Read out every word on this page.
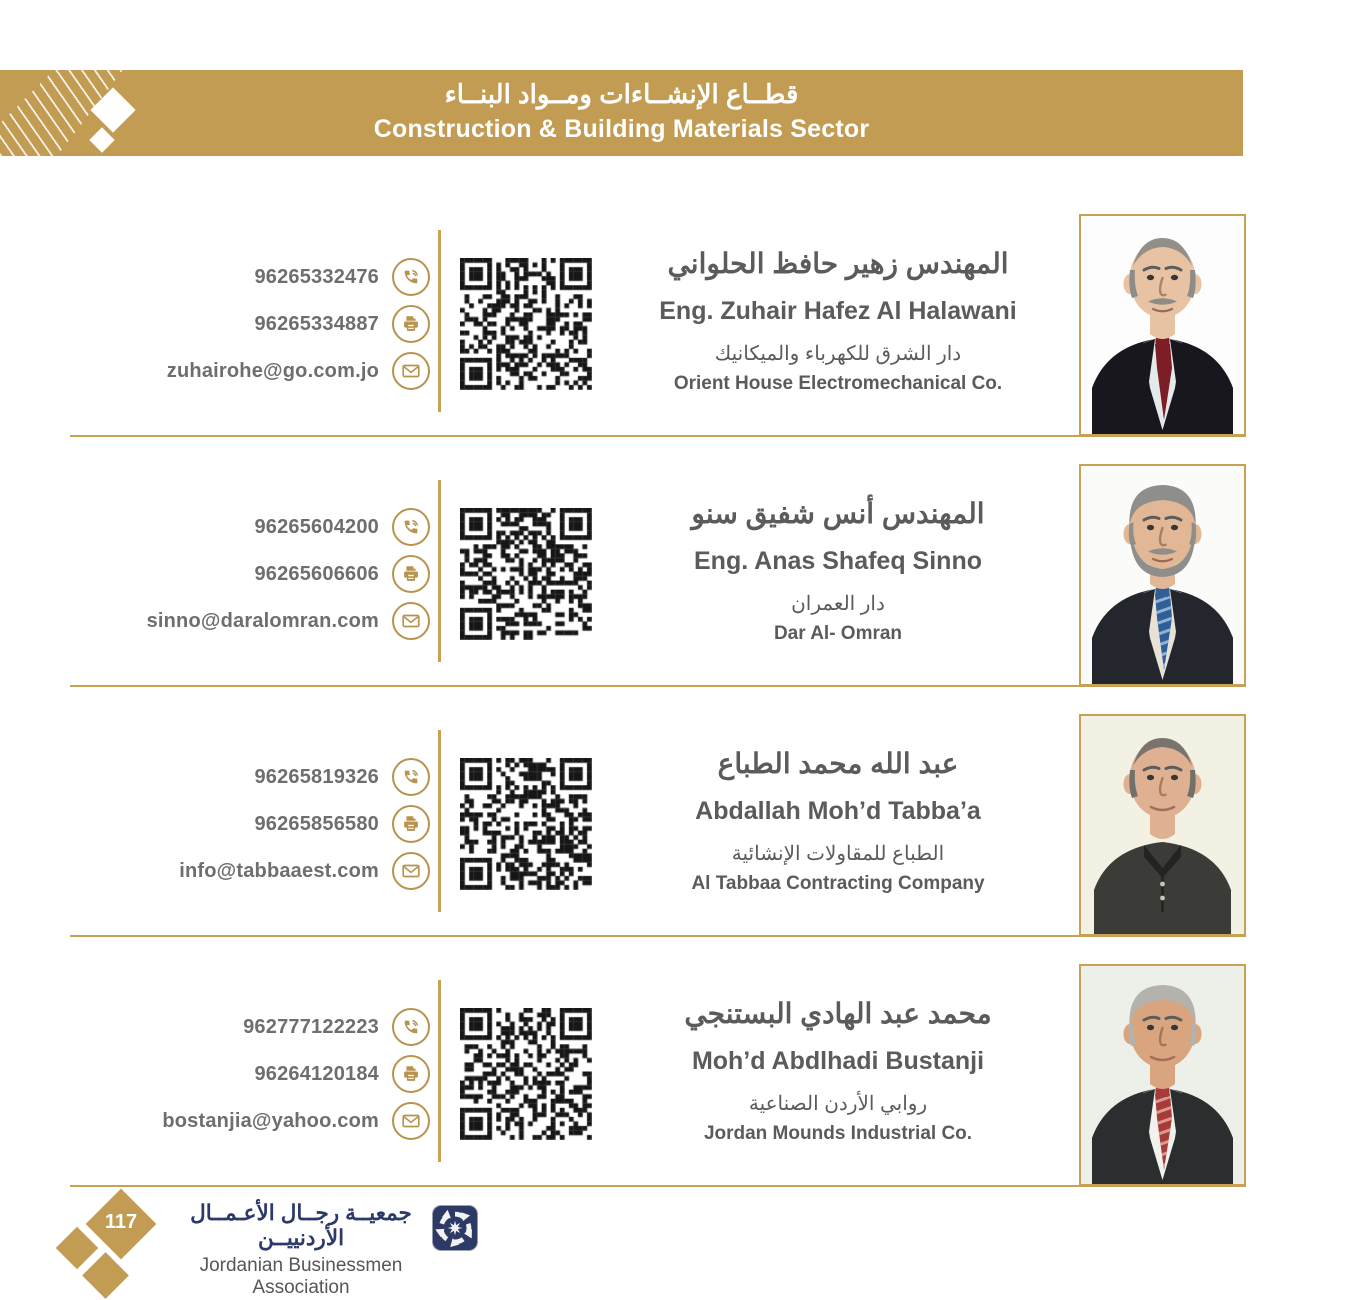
قطــاع الإنشــاءات ومــواد البنــاء
Construction & Building Materials Sector
96265332476
96265334887
zuhairohe@go.com.jo
المهندس زهير حافظ الحلواني
Eng. Zuhair Hafez Al Halawani
دار الشرق للكهرباء والميكانيك
Orient House Electromechanical Co.
96265604200
96265606606
sinno@daralomran.com
المهندس أنس شفيق سنو
Eng. Anas Shafeq Sinno
دار العمران
Dar Al- Omran
96265819326
96265856580
info@tabbaaest.com
عبد الله محمد الطباع
Abdallah Moh’d Tabba’a
الطباع للمقاولات الإنشائية
Al Tabbaa Contracting Company
962777122223
96264120184
bostanjia@yahoo.com
محمد عبد الهادي البستنجي
Moh’d Abdlhadi Bustanji
روابي الأردن الصناعية
Jordan Mounds Industrial Co.
117	جمعيــة رجــال الأعـمــال الأردنييــن
Jordanian Businessmen Association
